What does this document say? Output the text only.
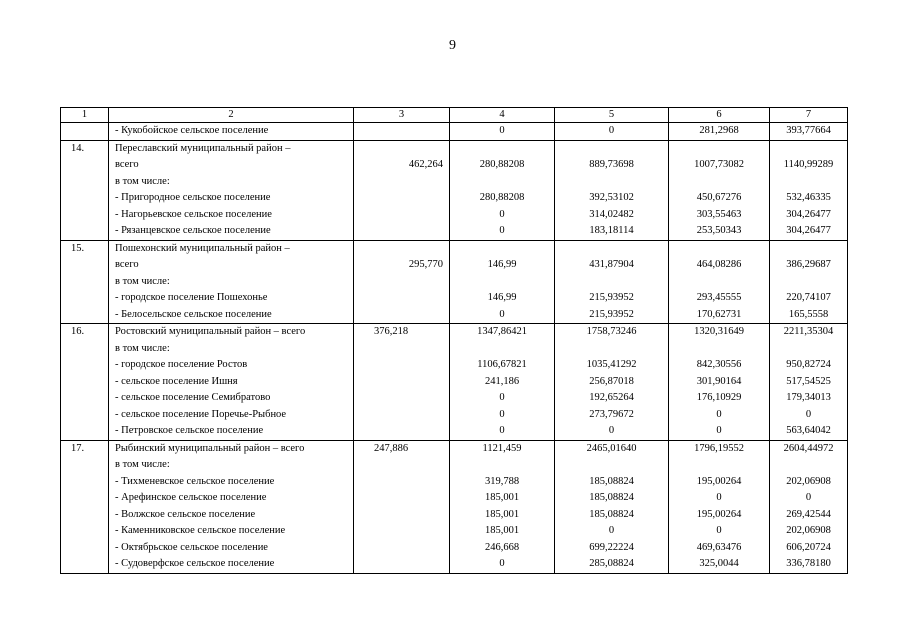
9
1	2	3	4	5	6	7
	- Кукобойское сельское поселение		0	0	281,2968	393,77664
14.	Переславский муниципальный район –					
	всего	462,264	280,88208	889,73698	1007,73082	1140,99289
	в том числе:					
	- Пригородное сельское поселение		280,88208	392,53102	450,67276	532,46335
	- Нагорьевское сельское поселение		0	314,02482	303,55463	304,26477
	- Рязанцевское сельское поселение		0	183,18114	253,50343	304,26477
15.	Пошехонский муниципальный район –					
	всего	295,770	146,99	431,87904	464,08286	386,29687
	в том числе:					
	- городское поселение Пошехонье		146,99	215,93952	293,45555	220,74107
	- Белосельское сельское поселение		0	215,93952	170,62731	165,5558
16.	Ростовский муниципальный район – всего	376,218	1347,86421	1758,73246	1320,31649	2211,35304
	в том числе:					
	- городское поселение Ростов		1106,67821	1035,41292	842,30556	950,82724
	- сельское поселение Ишня		241,186	256,87018	301,90164	517,54525
	- сельское поселение Семибратово		0	192,65264	176,10929	179,34013
	- сельское поселение Поречье-Рыбное		0	273,79672	0	0
	- Петровское сельское поселение		0	0	0	563,64042
17.	Рыбинский муниципальный район – всего	247,886	1121,459	2465,01640	1796,19552	2604,44972
	в том числе:					
	- Тихменевское сельское поселение		319,788	185,08824	195,00264	202,06908
	- Арефинское сельское поселение		185,001	185,08824	0	0
	- Волжское сельское поселение		185,001	185,08824	195,00264	269,42544
	- Каменниковское сельское поселение		185,001	0	0	202,06908
	- Октябрьское сельское поселение		246,668	699,22224	469,63476	606,20724
	- Судоверфское сельское поселение		0	285,08824	325,0044	336,78180
